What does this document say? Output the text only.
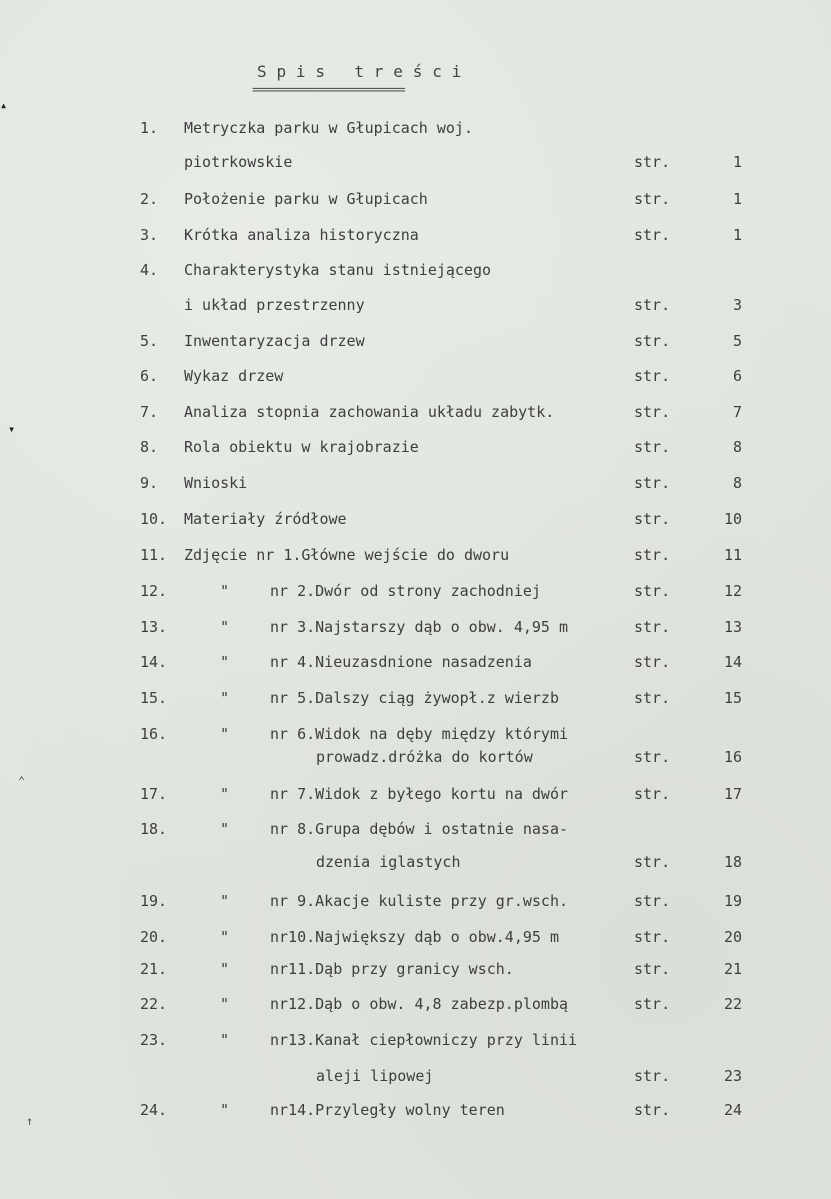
S p i s   t r e ś c i
=======================
1. Metryczka parku w Głupicach woj.
piotrkowskie	str.	1
2. Położenie parku w Głupicach	str.	1
3. Krótka analiza historyczna	str.	1
4. Charakterystyka stanu istniejącego
i układ przestrzenny	str.	3
5. Inwentaryzacja drzew	str.	5
6. Wykaz drzew	str.	6
7. Analiza stopnia zachowania układu zabytk.	str.	7
8. Rola obiektu w krajobrazie	str.	8
9. Wnioski	str.	8
10. Materiały źródłowe	str.	10
11. Zdjęcie nr 1.Główne wejście do dworu	str.	11
12.	"	nr 2.Dwór od strony zachodniej	str.	12
13.	"	nr 3.Najstarszy dąb o obw. 4,95 m	str.	13
14.	"	nr 4.Nieuzasdnione nasadzenia	str.	14
15.	"	nr 5.Dalszy ciąg żywopł.z wierzb	str.	15
16.	"	nr 6.Widok na dęby między którymi
prowadz.dróżka do kortów	str.	16
17.	"	nr 7.Widok z byłego kortu na dwór	str.	17
18.	"	nr 8.Grupa dębów i ostatnie nasa-
dzenia iglastych	str.	18
19.	"	nr 9.Akacje kuliste przy gr.wsch.	str.	19
20.	"	nr10.Największy dąb o obw.4,95 m	str.	20
21.	"	nr11.Dąb przy granicy wsch.	str.	21
22.	"	nr12.Dąb o obw. 4,8 zabezp.plombą	str.	22
23.	"	nr13.Kanał ciepłowniczy przy linii
aleji lipowej	str.	23
24.	"	nr14.Przyległy wolny teren	str.	24
▴
▾
⌃
↑
